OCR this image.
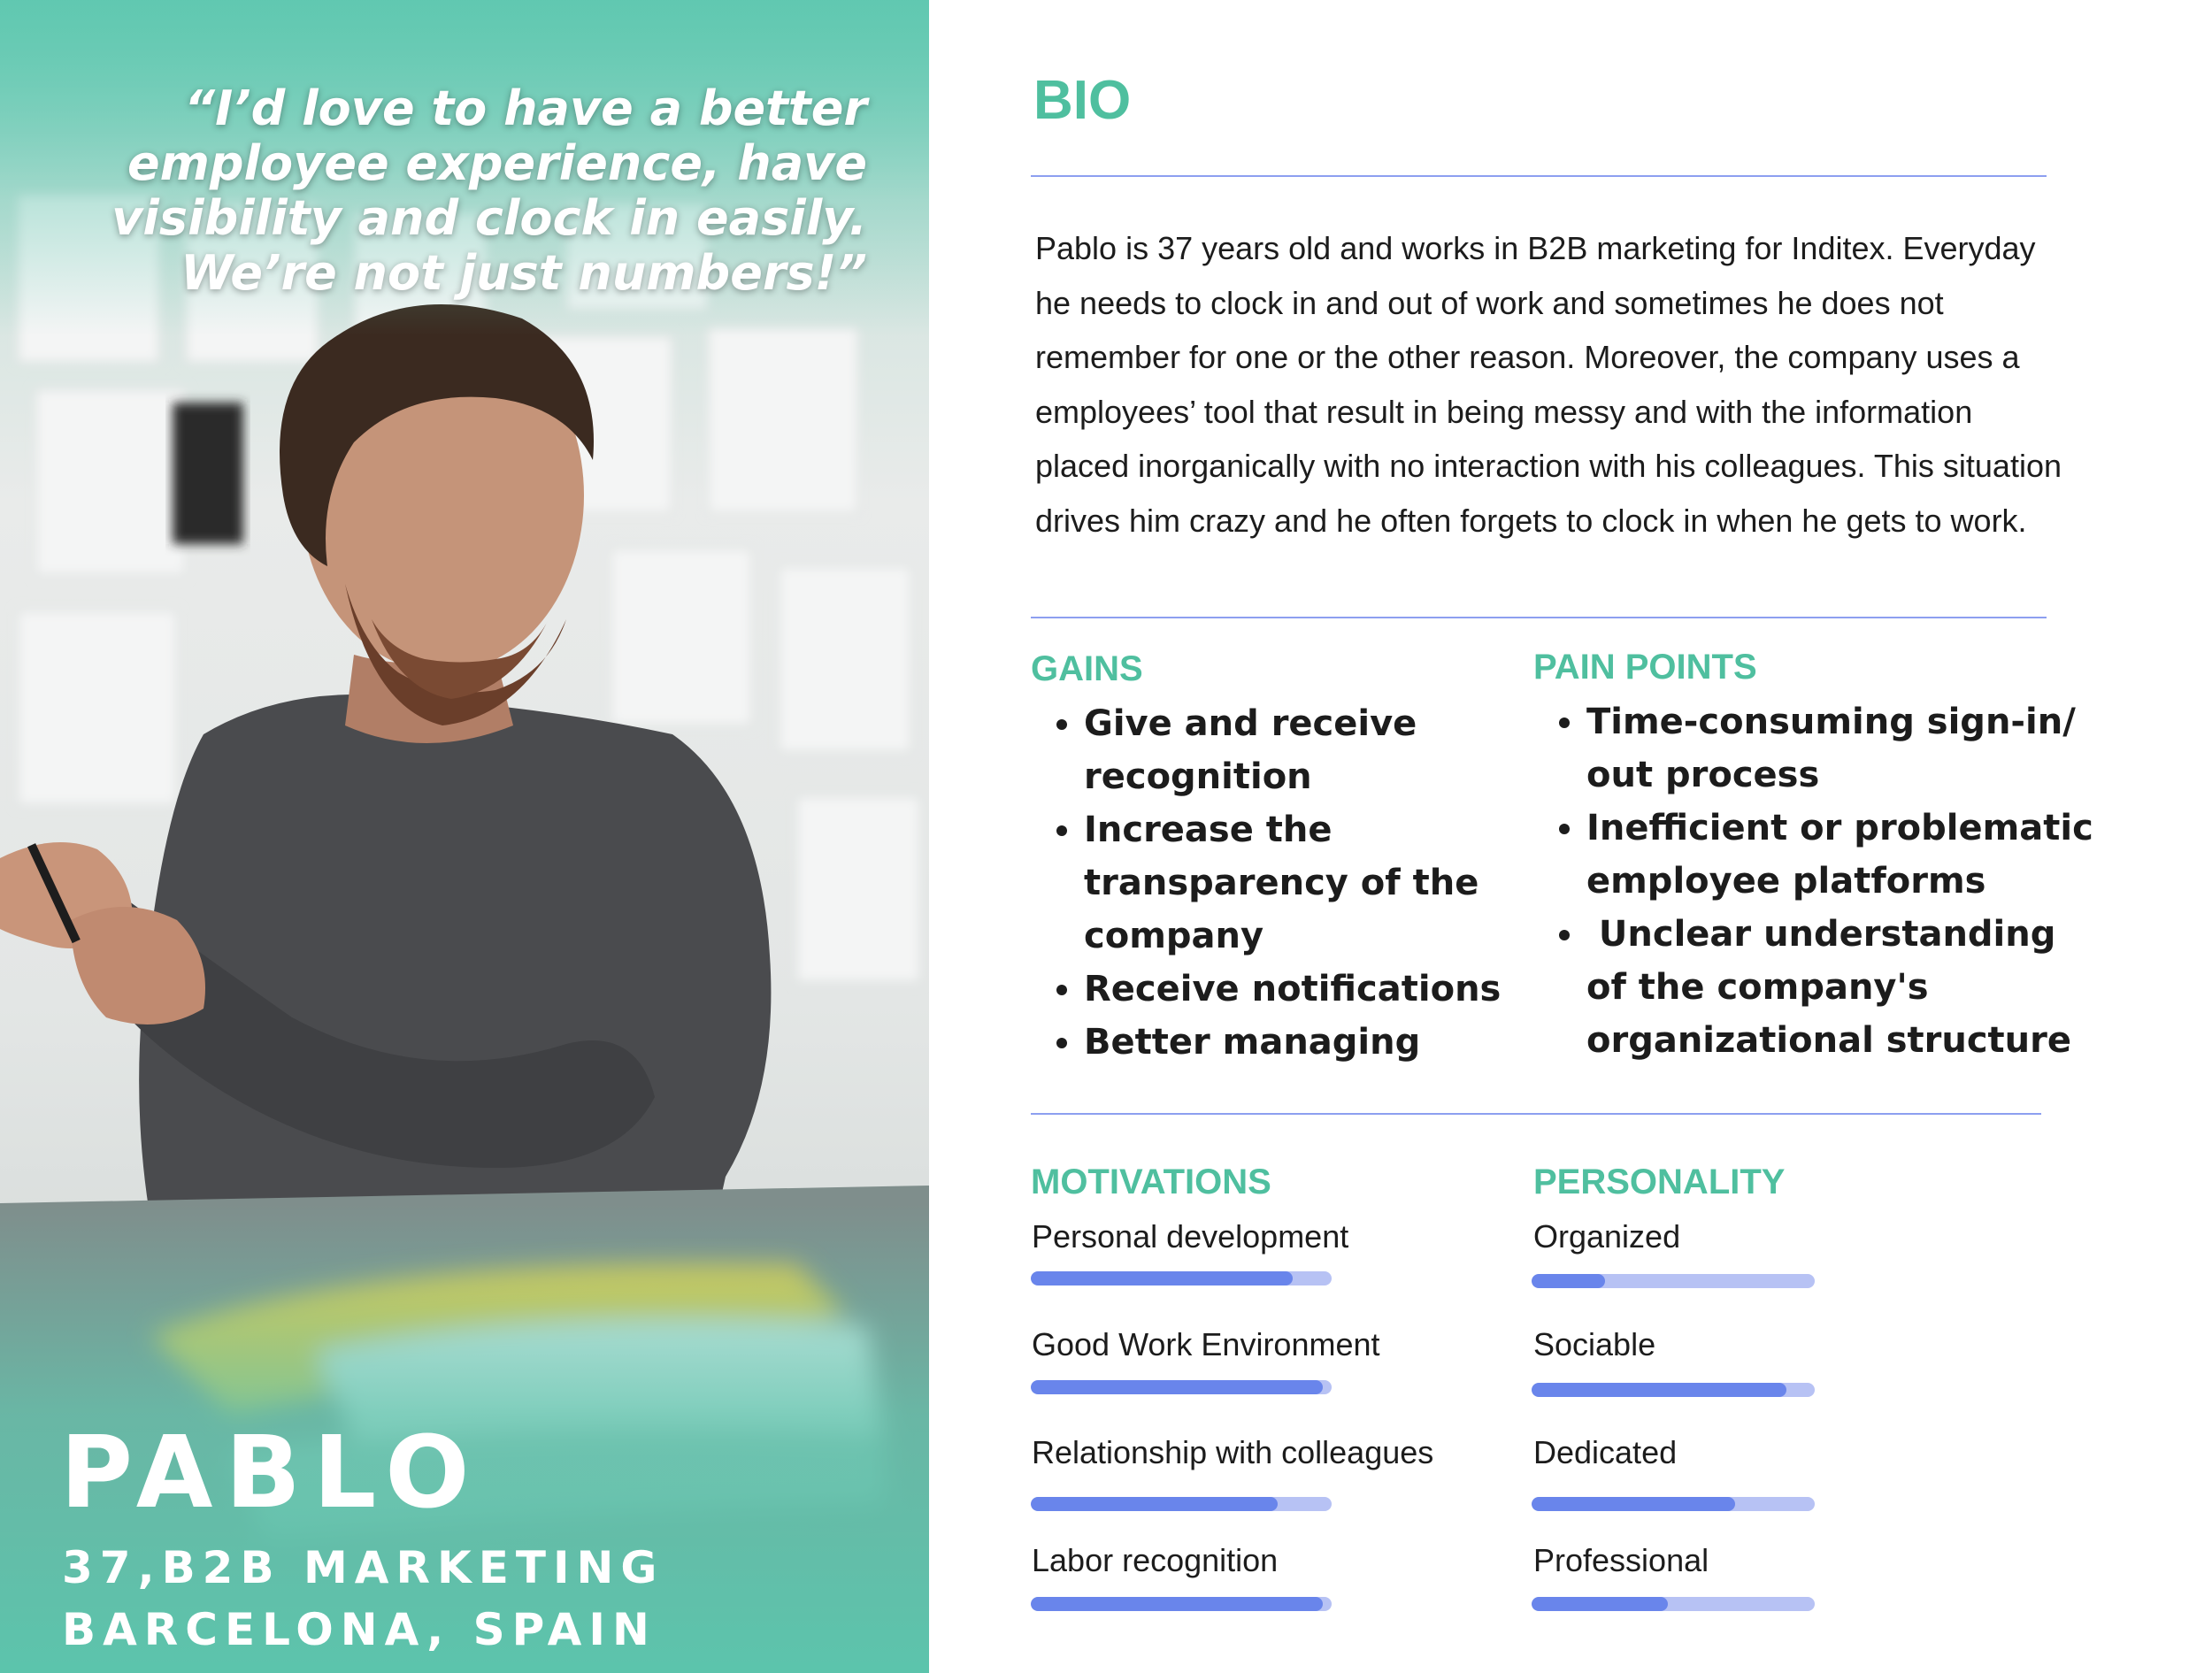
“I’d love to have a better employee experience, have visibility and clock in easily. We’re not just numbers!”

PABLO
37,B2B MARKETING
BARCELONA, SPAIN
BIO

Pablo is 37 years old and works in B2B marketing for Inditex. Everyday he needs to clock in and out of work and sometimes he does not remember for one or the other reason. Moreover, the company uses a employees’ tool that result in being messy and with the information placed inorganically with no interaction with his colleagues. This situation drives him crazy and he often forgets to clock in when he gets to work.

GAINS
• Give and receive recognition
• Increase the transparency of the company
• Receive notifications
• Better managing
PAIN POINTS
• Time-consuming sign-in/ out process
• Inefficient or problematic employee platforms
•  Unclear understanding of the company's organizational structure
MOTIVATIONS

Personal development

Good Work Environment

Relationship with colleagues

Labor recognition

PERSONALITY

Organized

Sociable

Dedicated

Professional
